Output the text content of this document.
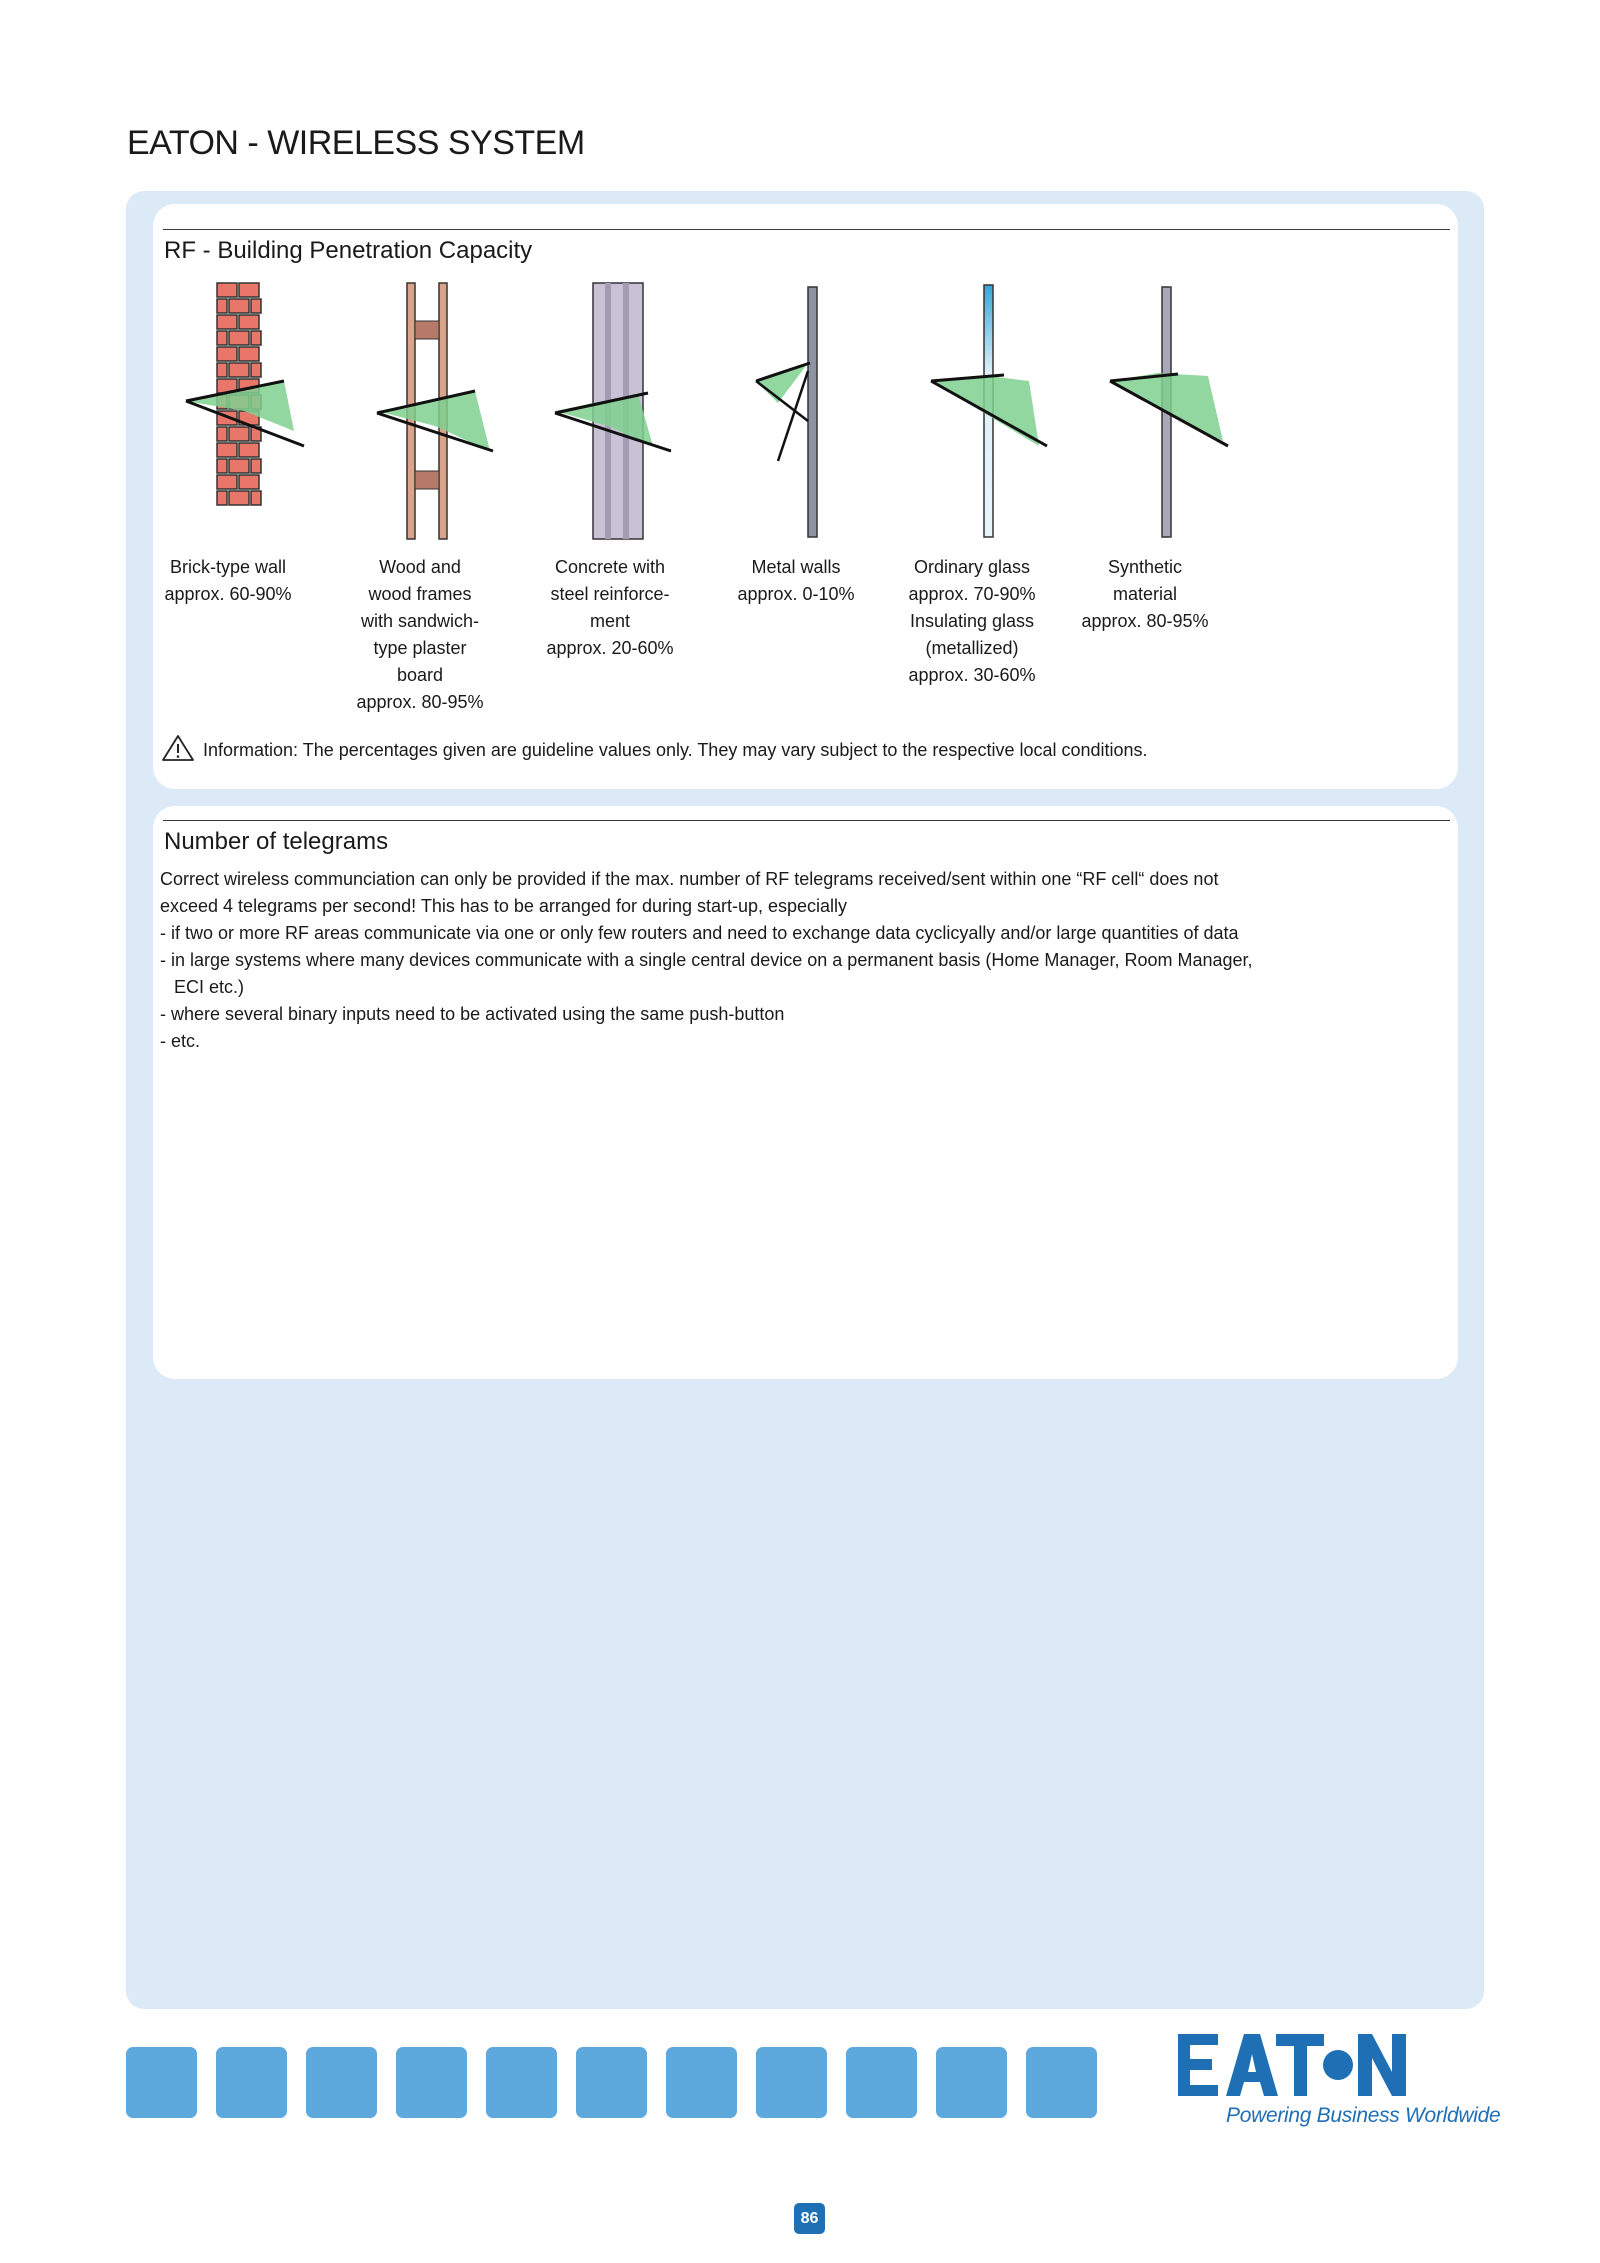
EATON - WIRELESS SYSTEM
RF - Building Penetration Capacity
Brick-type wall
approx. 60-90%
Wood and
wood frames
with sandwich-
type plaster
board
approx. 80-95%
Concrete with
steel reinforce-
ment
approx. 20-60%
Metal walls
approx. 0-10%
Ordinary glass
approx. 70-90%
Insulating glass
(metallized)
approx. 30-60%
Synthetic
material
approx. 80-95%
Information: The percentages given are guideline values only. They may vary subject to the respective local conditions.
Number of telegrams

Correct wireless communciation can only be provided if the max. number of RF telegrams received/sent within one “RF cell“ does not

exceed 4 telegrams per second! This has to be arranged for during start-up, especially

- if two or more RF areas communicate via one or only few routers and need to exchange data cyclicyally and/or large quantities of data

- in large systems where many devices communicate with a single central device on a permanent basis (Home Manager, Room Manager,

ECI etc.)

- where several binary inputs need to be activated using the same push-button

- etc.

Powering Business Worldwide
86
